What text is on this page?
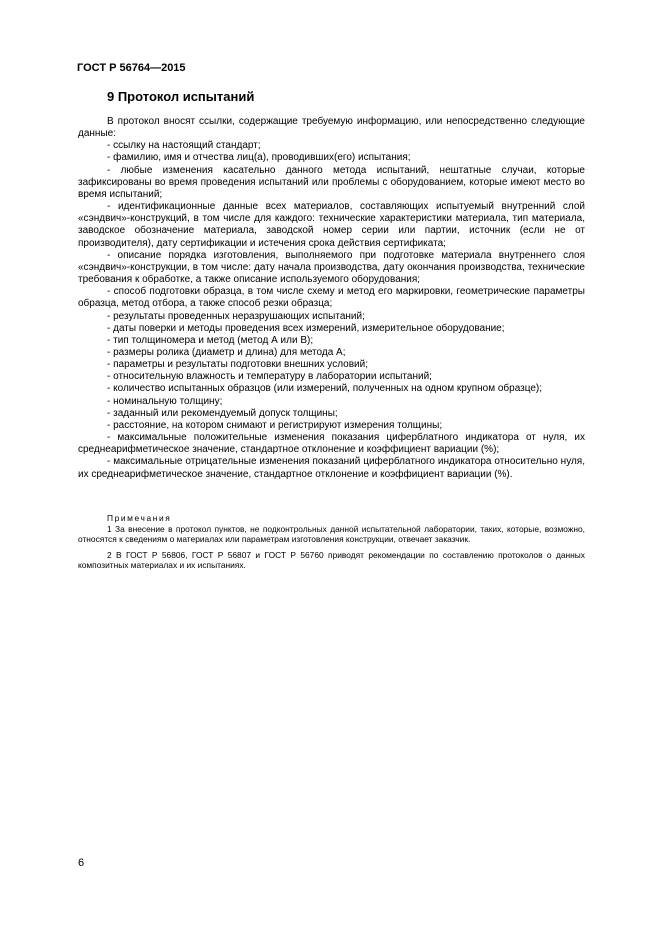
ГОСТ Р 56764—2015
9 Протокол испытаний

В протокол вносят ссылки, содержащие требуемую информацию, или непосредственно следующие данные:

- ссылку на настоящий стандарт;

- фамилию, имя и отчества лиц(а), проводивших(его) испытания;

- любые изменения касательно данного метода испытаний, нештатные случаи, которые зафиксированы во время проведения испытаний или проблемы с оборудованием, которые имеют место во время испытаний;

- идентификационные данные всех материалов, составляющих испытуемый внутренний слой «сэндвич»-конструкций, в том числе для каждого: технические характеристики материала, тип материала, заводское обозначение материала, заводской номер серии или партии, источник (если не от производителя), дату сертификации и истечения срока действия сертификата;

- описание порядка изготовления, выполняемого при подготовке материала внутреннего слоя «сэндвич»-конструкции, в том числе: дату начала производства, дату окончания производства, технические требования к обработке, а также описание используемого оборудования;

- способ подготовки образца, в том числе схему и метод его маркировки, геометрические параметры образца, метод отбора, а также способ резки образца;

- результаты проведенных неразрушающих испытаний;

- даты поверки и методы проведения всех измерений, измерительное оборудование;

- тип толщиномера и метод (метод А или В);

- размеры ролика (диаметр и длина) для метода А;

- параметры и результаты подготовки внешних условий;

- относительную влажность и температуру в лаборатории испытаний;

- количество испытанных образцов (или измерений, полученных на одном крупном образце);

- номинальную толщину;

- заданный или рекомендуемый допуск толщины;

- расстояние, на котором снимают и регистрируют измерения толщины;

- максимальные положительные изменения показания циферблатного индикатора от нуля, их среднеарифметическое значение, стандартное отклонение и коэффициент вариации (%);

- максимальные отрицательные изменения показаний циферблатного индикатора относительно нуля, их среднеарифметическое значение, стандартное отклонение и коэффициент вариации (%).

Примечания

1 За внесение в протокол пунктов, не подконтрольных данной испытательной лаборатории, таких, которые, возможно, относятся к сведениям о материалах или параметрам изготовления конструкции, отвечает заказчик.

2 В ГОСТ Р 56806, ГОСТ Р 56807 и ГОСТ Р 56760 приводят рекомендации по составлению протоколов о данных композитных материалах и их испытаниях.

6
